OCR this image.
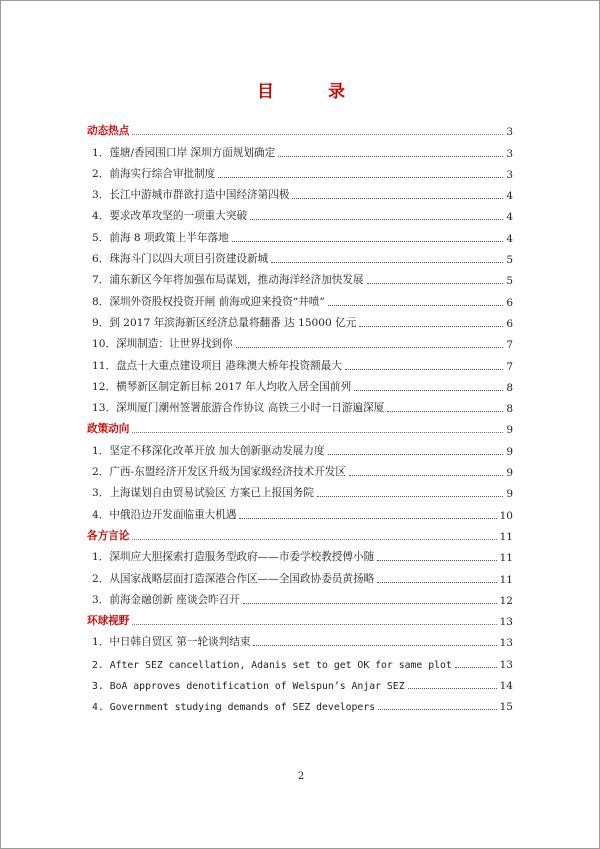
目 录
动态热点	3
1．莲塘/香园围口岸 深圳方面规划确定	3
2．前海实行综合审批制度	3
3．长江中游城市群欲打造中国经济第四极	4
4．要求改革攻坚的一项重大突破	4
5．前海 8 项政策上半年落地	4
6．珠海斗门以四大项目引资建设新城	5
7．浦东新区今年将加强布局谋划，推动海洋经济加快发展	5
8．深圳外资股权投资开闸 前海或迎来投资“井喷”	6
9．到 2017 年滨海新区经济总量将翻番 达 15000 亿元	6
10．深圳制造：让世界找到你	7
11．盘点十大重点建设项目 港珠澳大桥年投资额最大	7
12．横琴新区制定新目标 2017 年人均收入居全国前列	8
13．深圳厦门潮州签署旅游合作协议 高铁三小时一日游遍深厦	8
政策动向	9
1．坚定不移深化改革开放 加大创新驱动发展力度	9
2．广西-东盟经济开发区升级为国家级经济技术开发区	9
3．上海谋划自由贸易试验区 方案已上报国务院	9
4．中俄沿边开发面临重大机遇	10
各方言论	11
1．深圳应大胆探索打造服务型政府——市委学校教授傅小随	11
2．从国家战略层面打造深港合作区——全国政协委员黄扬略	11
3．前海金融创新 座谈会昨召开	12
环球视野	13
1．中日韩自贸区 第一轮谈判结束	13
2. After SEZ cancellation, Adanis set to get OK for same plot	13
3. BoA approves denotification of Welspun’s Anjar SEZ	14
4. Government studying demands of SEZ developers	15
2
